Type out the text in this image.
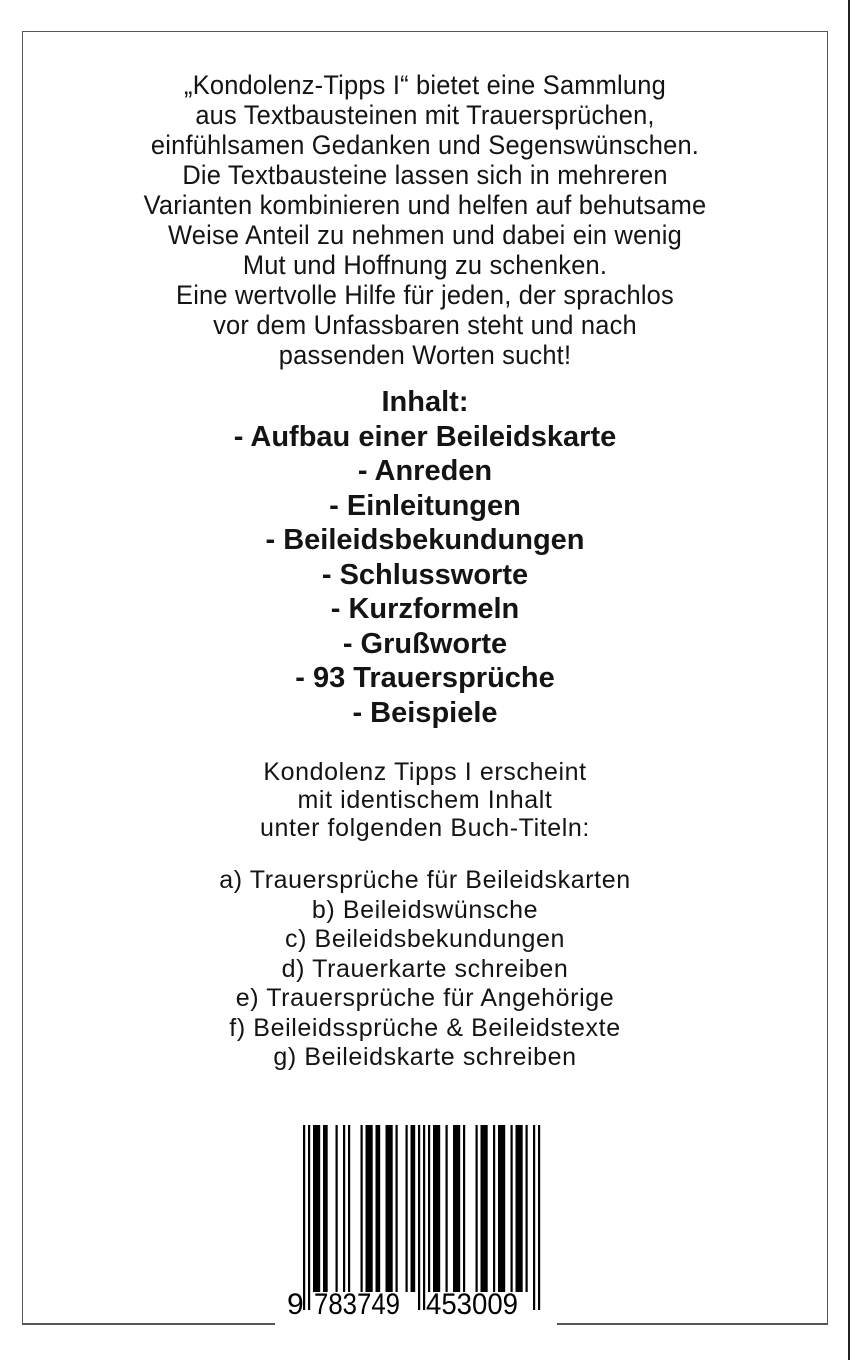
„Kondolenz-Tipps I“ bietet eine Sammlung
aus Textbausteinen mit Trauersprüchen,
einfühlsamen Gedanken und Segenswünschen.
Die Textbausteine lassen sich in mehreren
Varianten kombinieren und helfen auf behutsame
Weise Anteil zu nehmen und dabei ein wenig
Mut und Hoffnung zu schenken.
Eine wertvolle Hilfe für jeden, der sprachlos
vor dem Unfassbaren steht und nach
passenden Worten sucht!
Inhalt:
- Aufbau einer Beileidskarte
- Anreden
- Einleitungen
- Beileidsbekundungen
- Schlussworte
- Kurzformeln
- Grußworte
- 93 Trauersprüche
- Beispiele
Kondolenz Tipps I erscheint
mit identischem Inhalt
unter folgenden Buch-Titeln:
a) Trauersprüche für Beileidskarten
b) Beileidswünsche
c) Beileidsbekundungen
d) Trauerkarte schreiben
e) Trauersprüche für Angehörige
f) Beileidssprüche & Beileidstexte
g) Beileidskarte schreiben
9 783749 453009
